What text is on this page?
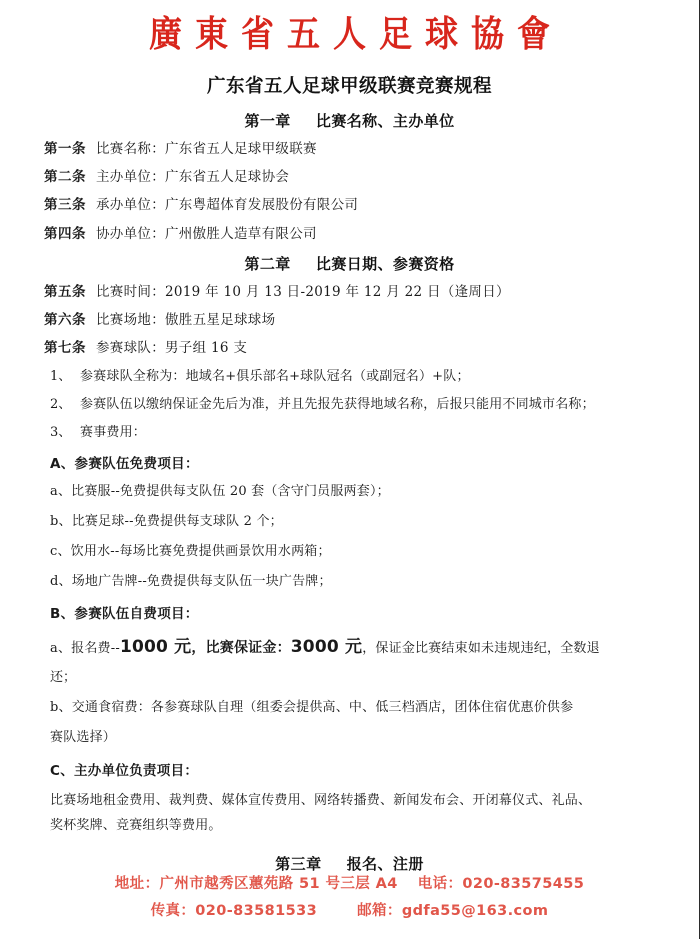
廣東省五人足球協會
广东省五人足球甲级联赛竞赛规程
第一章 比赛名称、主办单位
第一条 比赛名称：广东省五人足球甲级联赛
第二条 主办单位：广东省五人足球协会
第三条 承办单位：广东粤超体育发展股份有限公司
第四条 协办单位：广州傲胜人造草有限公司
第二章 比赛日期、参赛资格
第五条 比赛时间：2019 年 10 月 13 日-2019 年 12 月 22 日（逢周日）
第六条 比赛场地：傲胜五星足球球场
第七条 参赛球队：男子组 16 支
1、 参赛球队全称为：地域名+俱乐部名+球队冠名（或副冠名）+队；
2、 参赛队伍以缴纳保证金先后为准，并且先报先获得地域名称，后报只能用不同城市名称；
3、 赛事费用：
A、参赛队伍免费项目：
a、比赛服--免费提供每支队伍 20 套（含守门员服两套）；
b、比赛足球--免费提供每支球队 2 个；
c、饮用水--每场比赛免费提供画景饮用水两箱；
d、场地广告牌--免费提供每支队伍一块广告牌；
B、参赛队伍自费项目：
a、报名费--1000 元，比赛保证金：3000 元，保证金比赛结束如未违规违纪，全数退
还；
b、交通食宿费：各参赛球队自理（组委会提供高、中、低三档酒店，团体住宿优惠价供参
赛队选择）
C、主办单位负责项目：
比赛场地租金费用、裁判费、媒体宣传费用、网络转播费、新闻发布会、开闭幕仪式、礼品、
奖杯奖牌、竞赛组织等费用。
第三章 报名、注册
地址：广州市越秀区蕙苑路 51 号三层 A4 电话：020-83575455
传真：020-83581533	邮箱：gdfa55@163.com
